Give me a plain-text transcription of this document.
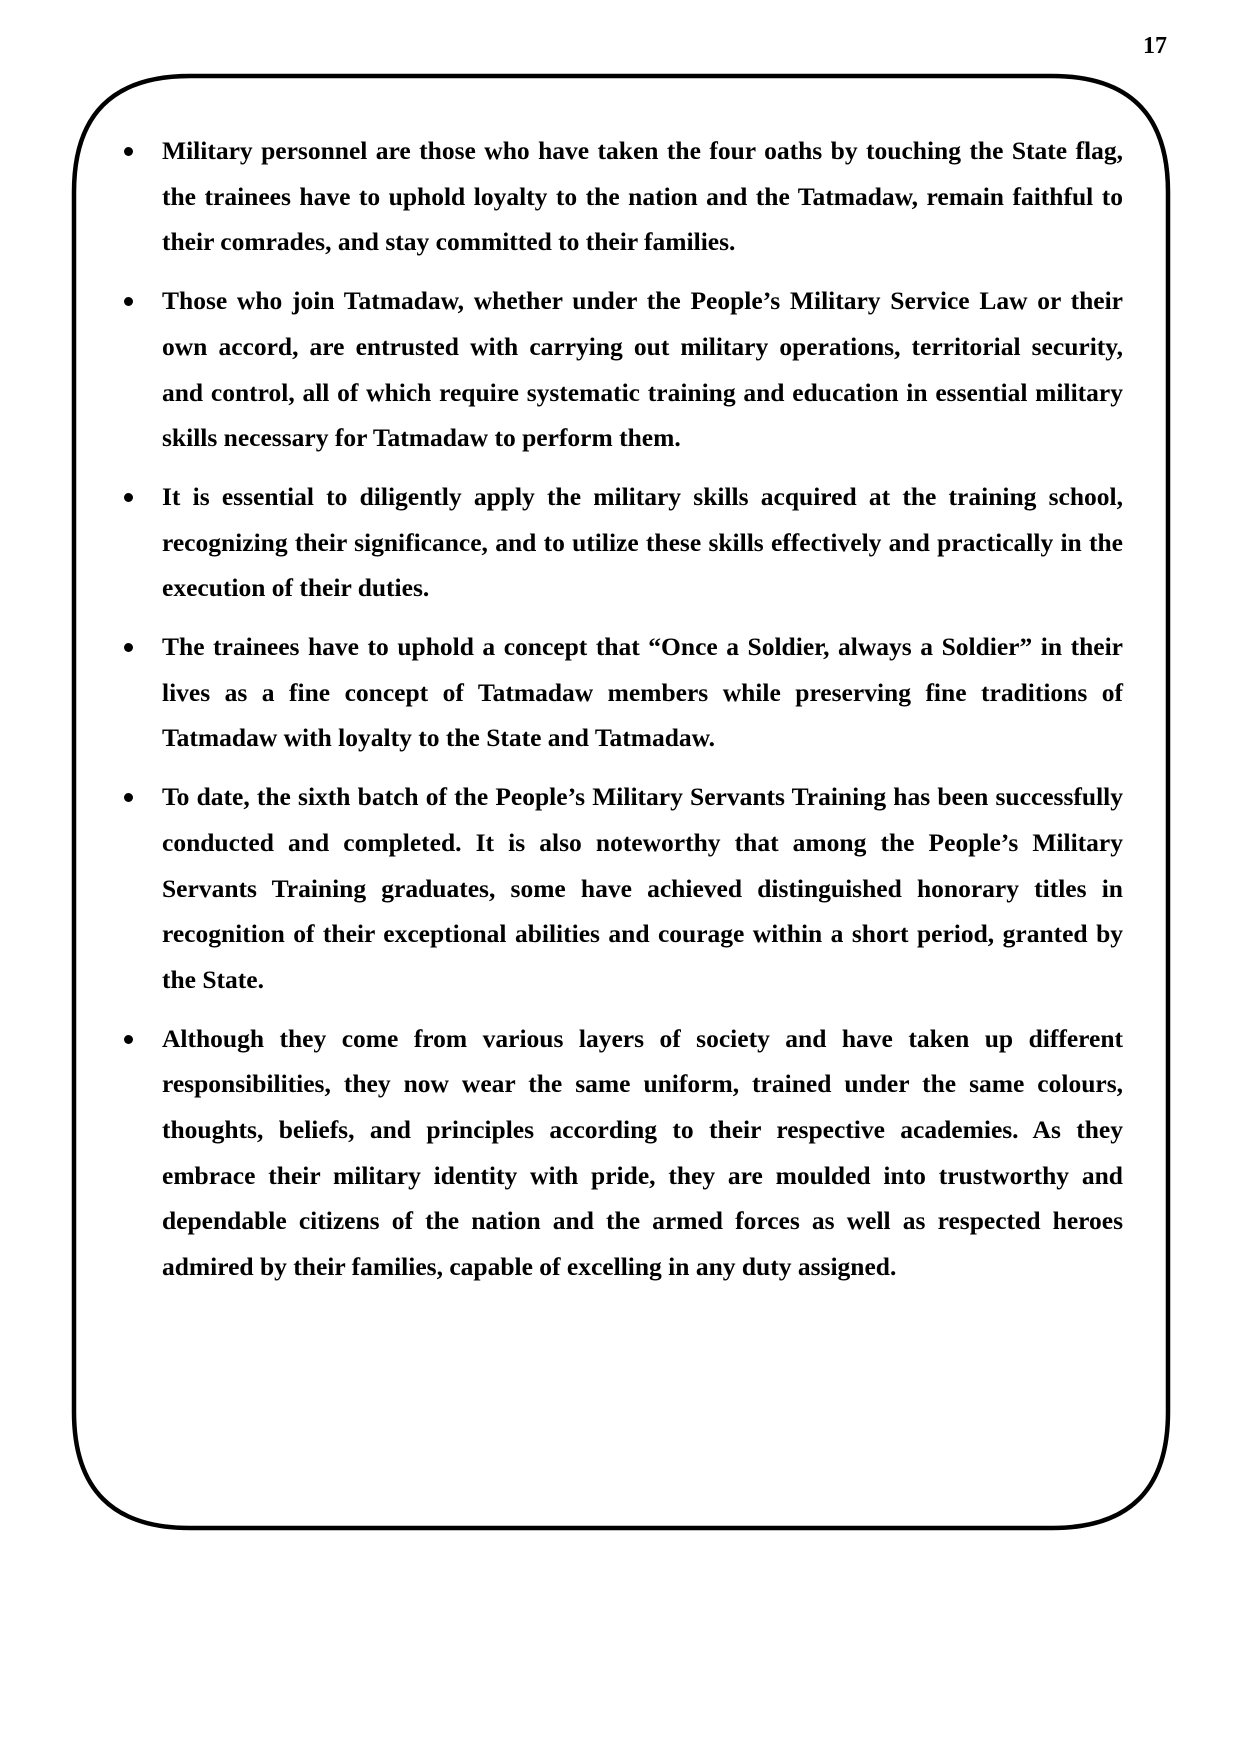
17
Military personnel are those who have taken the four oaths by touching the State flag, the trainees have to uphold loyalty to the nation and the Tatmadaw, remain faithful to their comrades, and stay committed to their families.
Those who join Tatmadaw, whether under the People’s Military Service Law or their own accord, are entrusted with carrying out military operations, territorial security, and control, all of which require systematic training and education in essential military skills necessary for Tatmadaw to perform them.
It is essential to diligently apply the military skills acquired at the training school, recognizing their significance, and to utilize these skills effectively and practically in the execution of their duties.
The trainees have to uphold a concept that “Once a Soldier, always a Soldier” in their lives as a fine concept of Tatmadaw members while preserving fine traditions of Tatmadaw with loyalty to the State and Tatmadaw.
To date, the sixth batch of the People’s Military Servants Training has been successfully conducted and completed. It is also noteworthy that among the People’s Military Servants Training graduates, some have achieved distinguished honorary titles in recognition of their exceptional abilities and courage within a short period, granted by the State.
Although they come from various layers of society and have taken up different responsibilities, they now wear the same uniform, trained under the same colours, thoughts, beliefs, and principles according to their respective academies. As they embrace their military identity with pride, they are moulded into trustworthy and dependable citizens of the nation and the armed forces as well as respected heroes admired by their families, capable of excelling in any duty assigned.
